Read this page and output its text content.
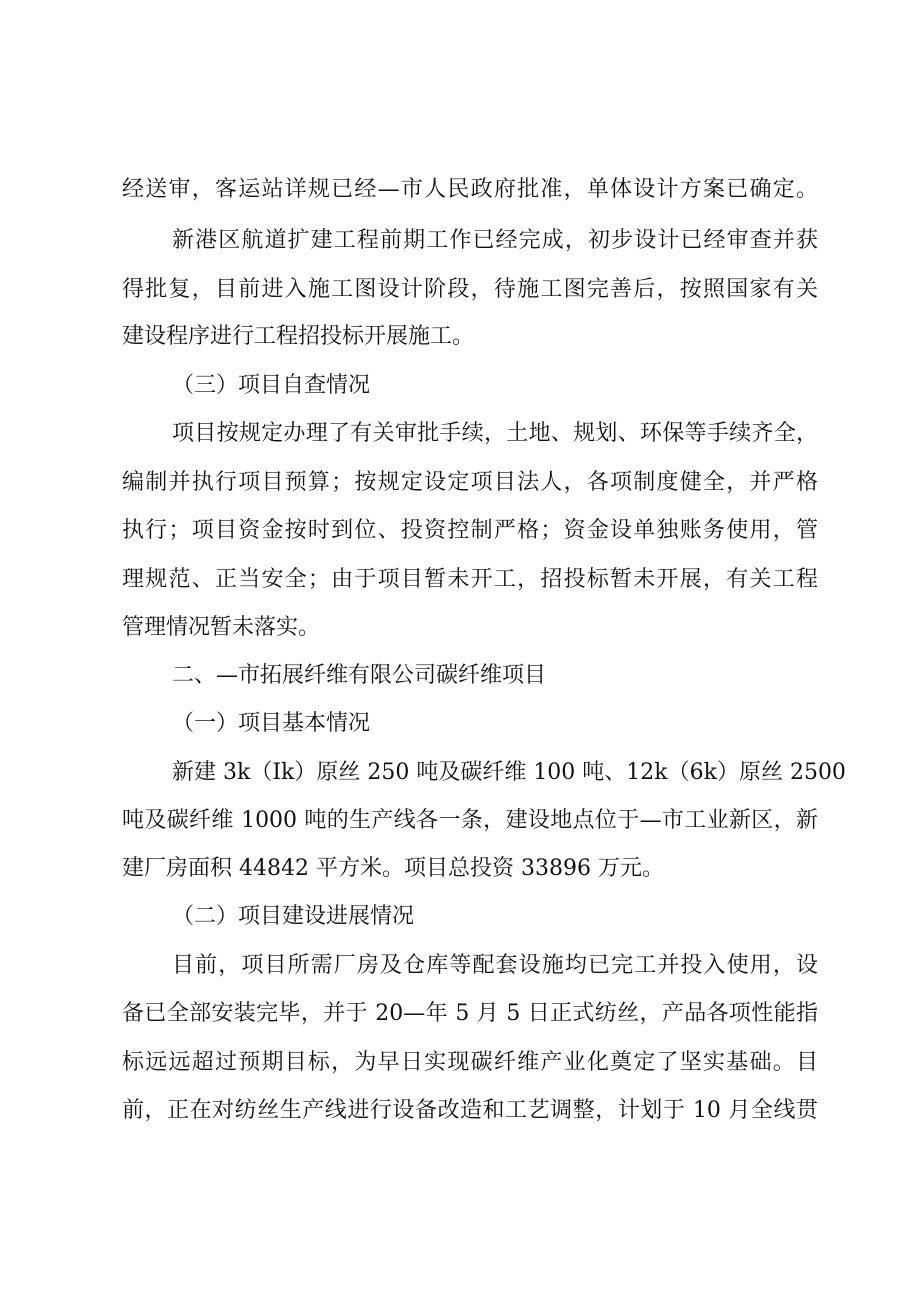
经送审，客运站详规已经—市人民政府批准，单体设计方案已确定。
新港区航道扩建工程前期工作已经完成，初步设计已经审查并获
得批复，目前进入施工图设计阶段，待施工图完善后，按照国家有关
建设程序进行工程招投标开展施工。
（三）项目自查情况
项目按规定办理了有关审批手续，土地、规划、环保等手续齐全，
编制并执行项目预算；按规定设定项目法人，各项制度健全，并严格
执行；项目资金按时到位、投资控制严格；资金设单独账务使用，管
理规范、正当安全；由于项目暂未开工，招投标暂未开展，有关工程
管理情况暂未落实。
二、—市拓展纤维有限公司碳纤维项目
（一）项目基本情况
新建 3k（Ik）原丝 250 吨及碳纤维 100 吨、12k（6k）原丝 2500
吨及碳纤维 1000 吨的生产线各一条，建设地点位于—市工业新区，新
建厂房面积 44842 平方米。项目总投资 33896 万元。
（二）项目建设进展情况
目前，项目所需厂房及仓库等配套设施均已完工并投入使用，设
备已全部安装完毕，并于 20—年 5 月 5 日正式纺丝，产品各项性能指
标远远超过预期目标，为早日实现碳纤维产业化奠定了坚实基础。目
前，正在对纺丝生产线进行设备改造和工艺调整，计划于 10 月全线贯
